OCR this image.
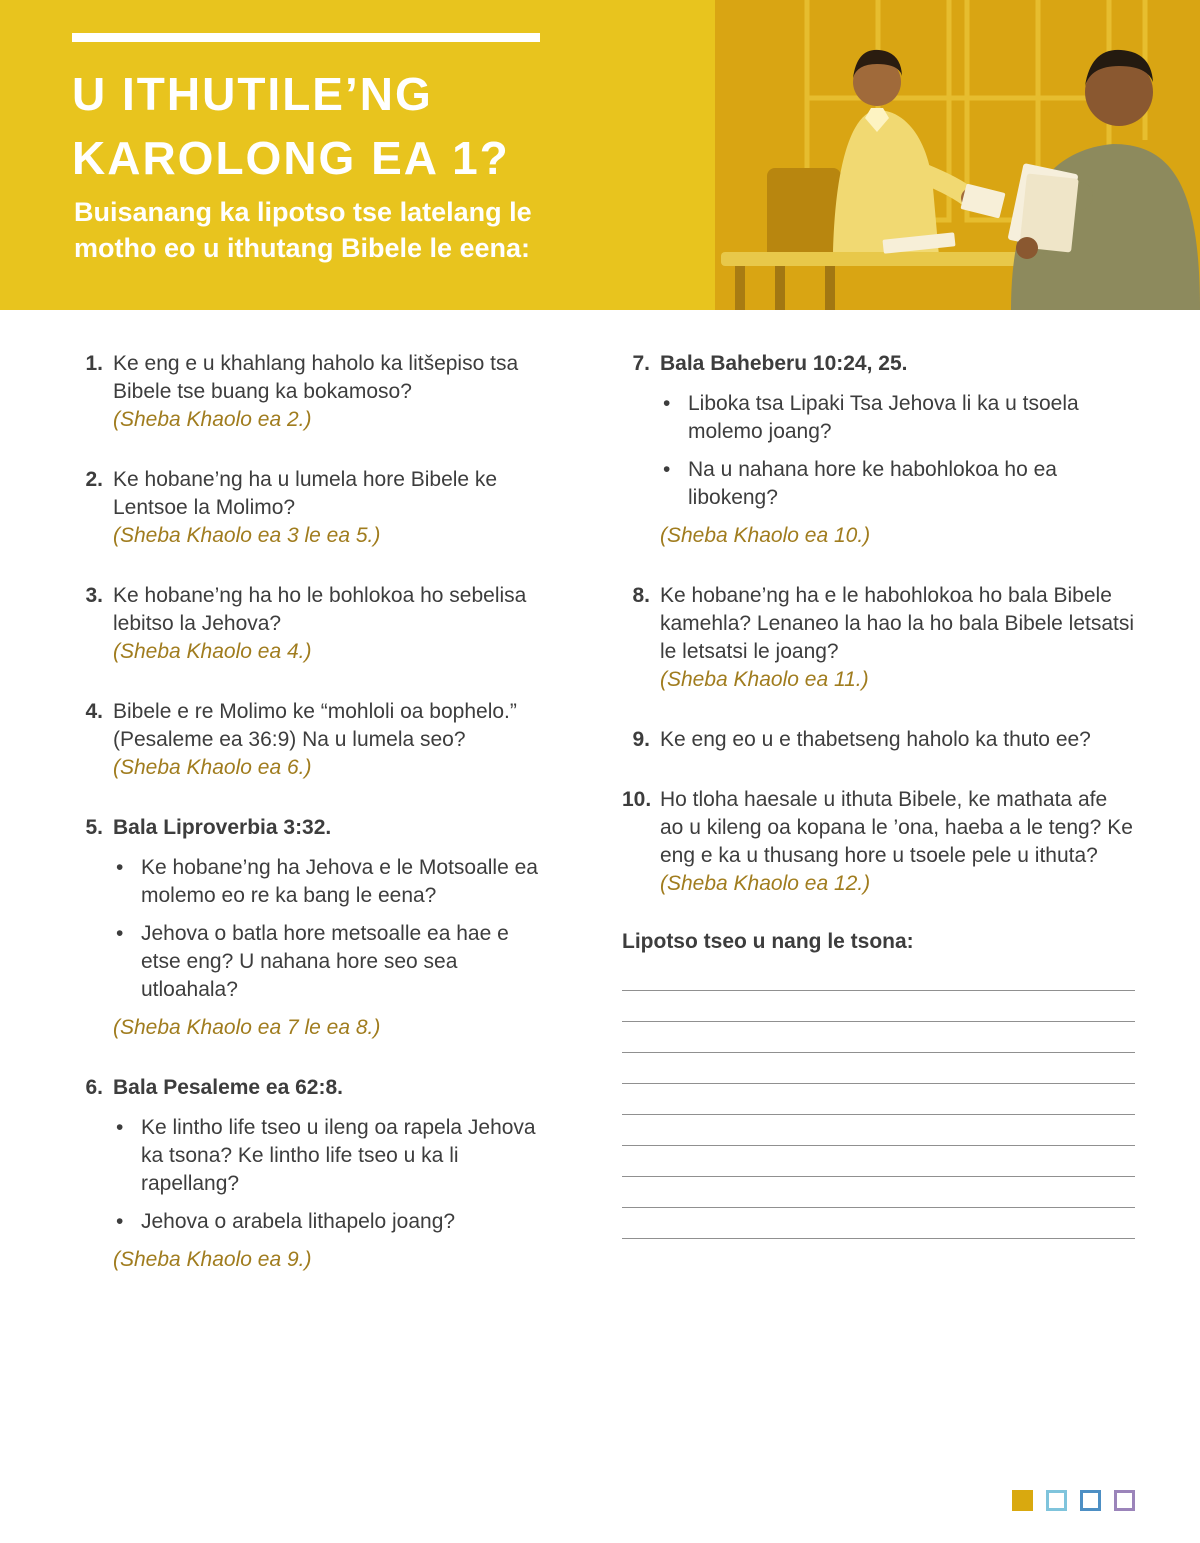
U ITHUTILE’NG
KAROLONG EA 1?

Buisanang ka lipotso tse latelang le motho eo u ithutang Bibele le eena:

1. Ke eng e u khahlang haholo ka litšepiso tsa Bibele tse buang ka bokamoso?

(Sheba Khaolo ea 2.)

2. Ke hobane’ng ha u lumela hore Bibele ke Lentsoe la Molimo?

(Sheba Khaolo ea 3 le ea 5.)

3. Ke hobane’ng ha ho le bohlokoa ho sebelisa lebitso la Jehova?

(Sheba Khaolo ea 4.)

4. Bibele e re Molimo ke “mohloli oa bophelo.” (Pesaleme ea 36:9) Na u lumela seo?

(Sheba Khaolo ea 6.)

5. Bala Liproverbia 3:32.

• Ke hobane’ng ha Jehova e le Motsoalle ea molemo eo re ka bang le eena?
• Jehova o batla hore metsoalle ea hae e etse eng? U nahana hore seo sea utloahala?

(Sheba Khaolo ea 7 le ea 8.)

6. Bala Pesaleme ea 62:8.

• Ke lintho life tseo u ileng oa rapela Jehova ka tsona? Ke lintho life tseo u ka li rapellang?
• Jehova o arabela lithapelo joang?

(Sheba Khaolo ea 9.)

7. Bala Baheberu 10:24, 25.

• Liboka tsa Lipaki Tsa Jehova li ka u tsoela molemo joang?
• Na u nahana hore ke habohlokoa ho ea libokeng?

(Sheba Khaolo ea 10.)

8. Ke hobane’ng ha e le habohlokoa ho bala Bibele kamehla? Lenaneo la hao la ho bala Bibele letsatsi le letsatsi le joang?

(Sheba Khaolo ea 11.)

9. Ke eng eo u e thabetseng haholo ka thuto ee?

10. Ho tloha haesale u ithuta Bibele, ke mathata afe ao u kileng oa kopana le ’ona, haeba a le teng? Ke eng e ka u thusang hore u tsoele pele u ithuta?

(Sheba Khaolo ea 12.)

Lipotso tseo u nang le tsona:
